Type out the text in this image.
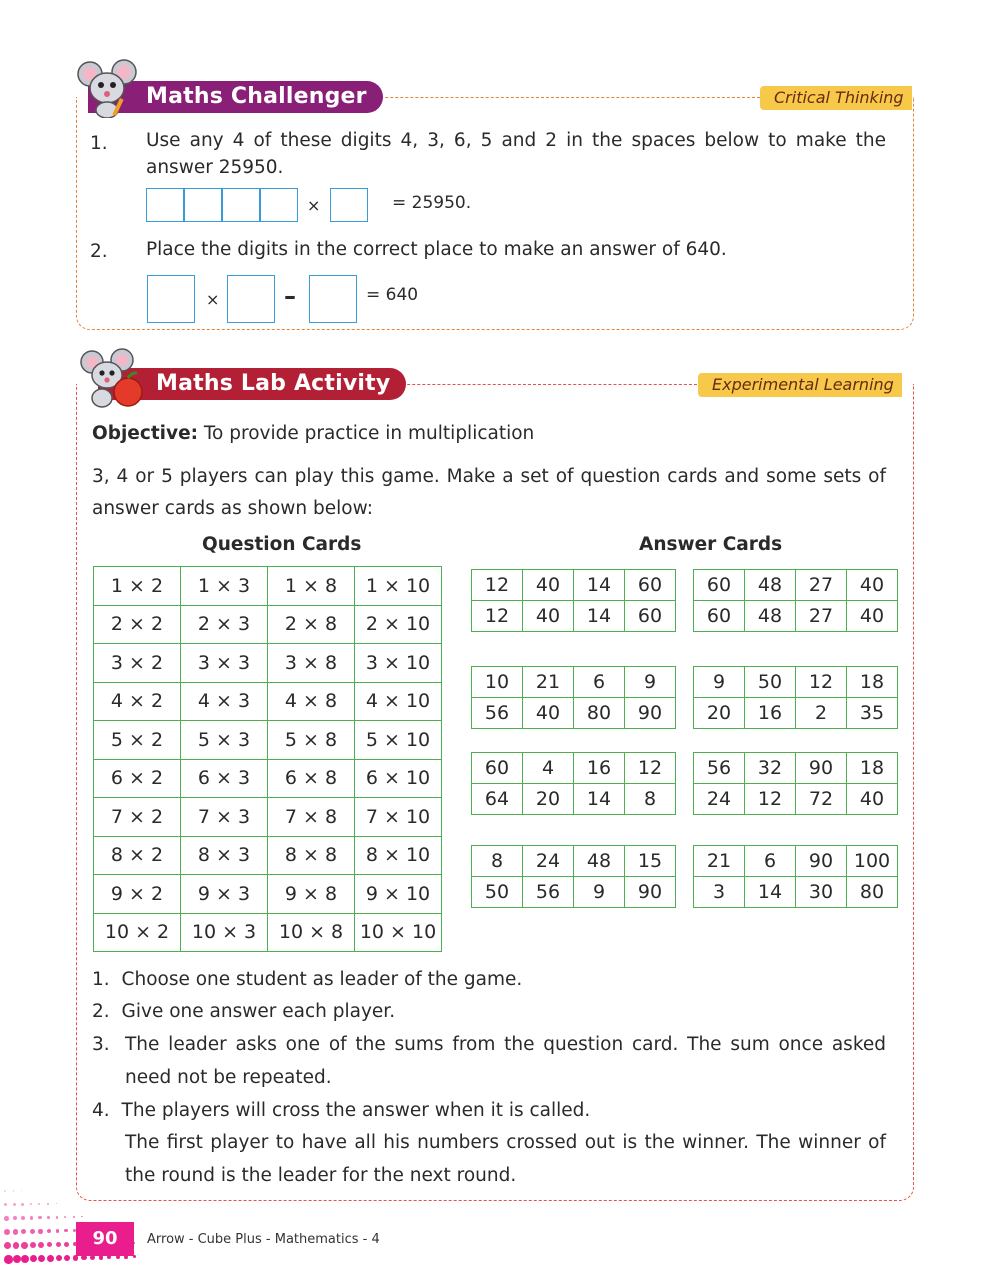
Maths Challenger	Critical Thinking
1. Use any 4 of these digits 4, 3, 6, 5 and 2 in the spaces below to make the answer 25950.
×	= 25950.
2. Place the digits in the correct place to make an answer of 640.
×	–	= 640
Maths Lab Activity	Experimental Learning
Objective: To provide practice in multiplication
3, 4 or 5 players can play this game. Make a set of question cards and some sets of answer cards as shown below:
Question Cards	Answer Cards
1 × 2	1 × 3	1 × 8	1 × 10
2 × 2	2 × 3	2 × 8	2 × 10
3 × 2	3 × 3	3 × 8	3 × 10
4 × 2	4 × 3	4 × 8	4 × 10
5 × 2	5 × 3	5 × 8	5 × 10
6 × 2	6 × 3	6 × 8	6 × 10
7 × 2	7 × 3	7 × 8	7 × 10
8 × 2	8 × 3	8 × 8	8 × 10
9 × 2	9 × 3	9 × 8	9 × 10
10 × 2	10 × 3	10 × 8	10 × 10
12	40	14	60
12	40	14	60
60	48	27	40
60	48	27	40
10	21	6	9
56	40	80	90
9	50	12	18
20	16	2	35
60	4	16	12
64	20	14	8
56	32	90	18
24	12	72	40
8	24	48	15
50	56	9	90
21	6	90	100
3	14	30	80
1. Choose one student as leader of the game.
2. Give one answer each player.
3. The leader asks one of the sums from the question card. The sum once asked need not be repeated.
4. The players will cross the answer when it is called.
The first player to have all his numbers crossed out is the winner. The winner of the round is the leader for the next round.
90	Arrow - Cube Plus - Mathematics - 4
